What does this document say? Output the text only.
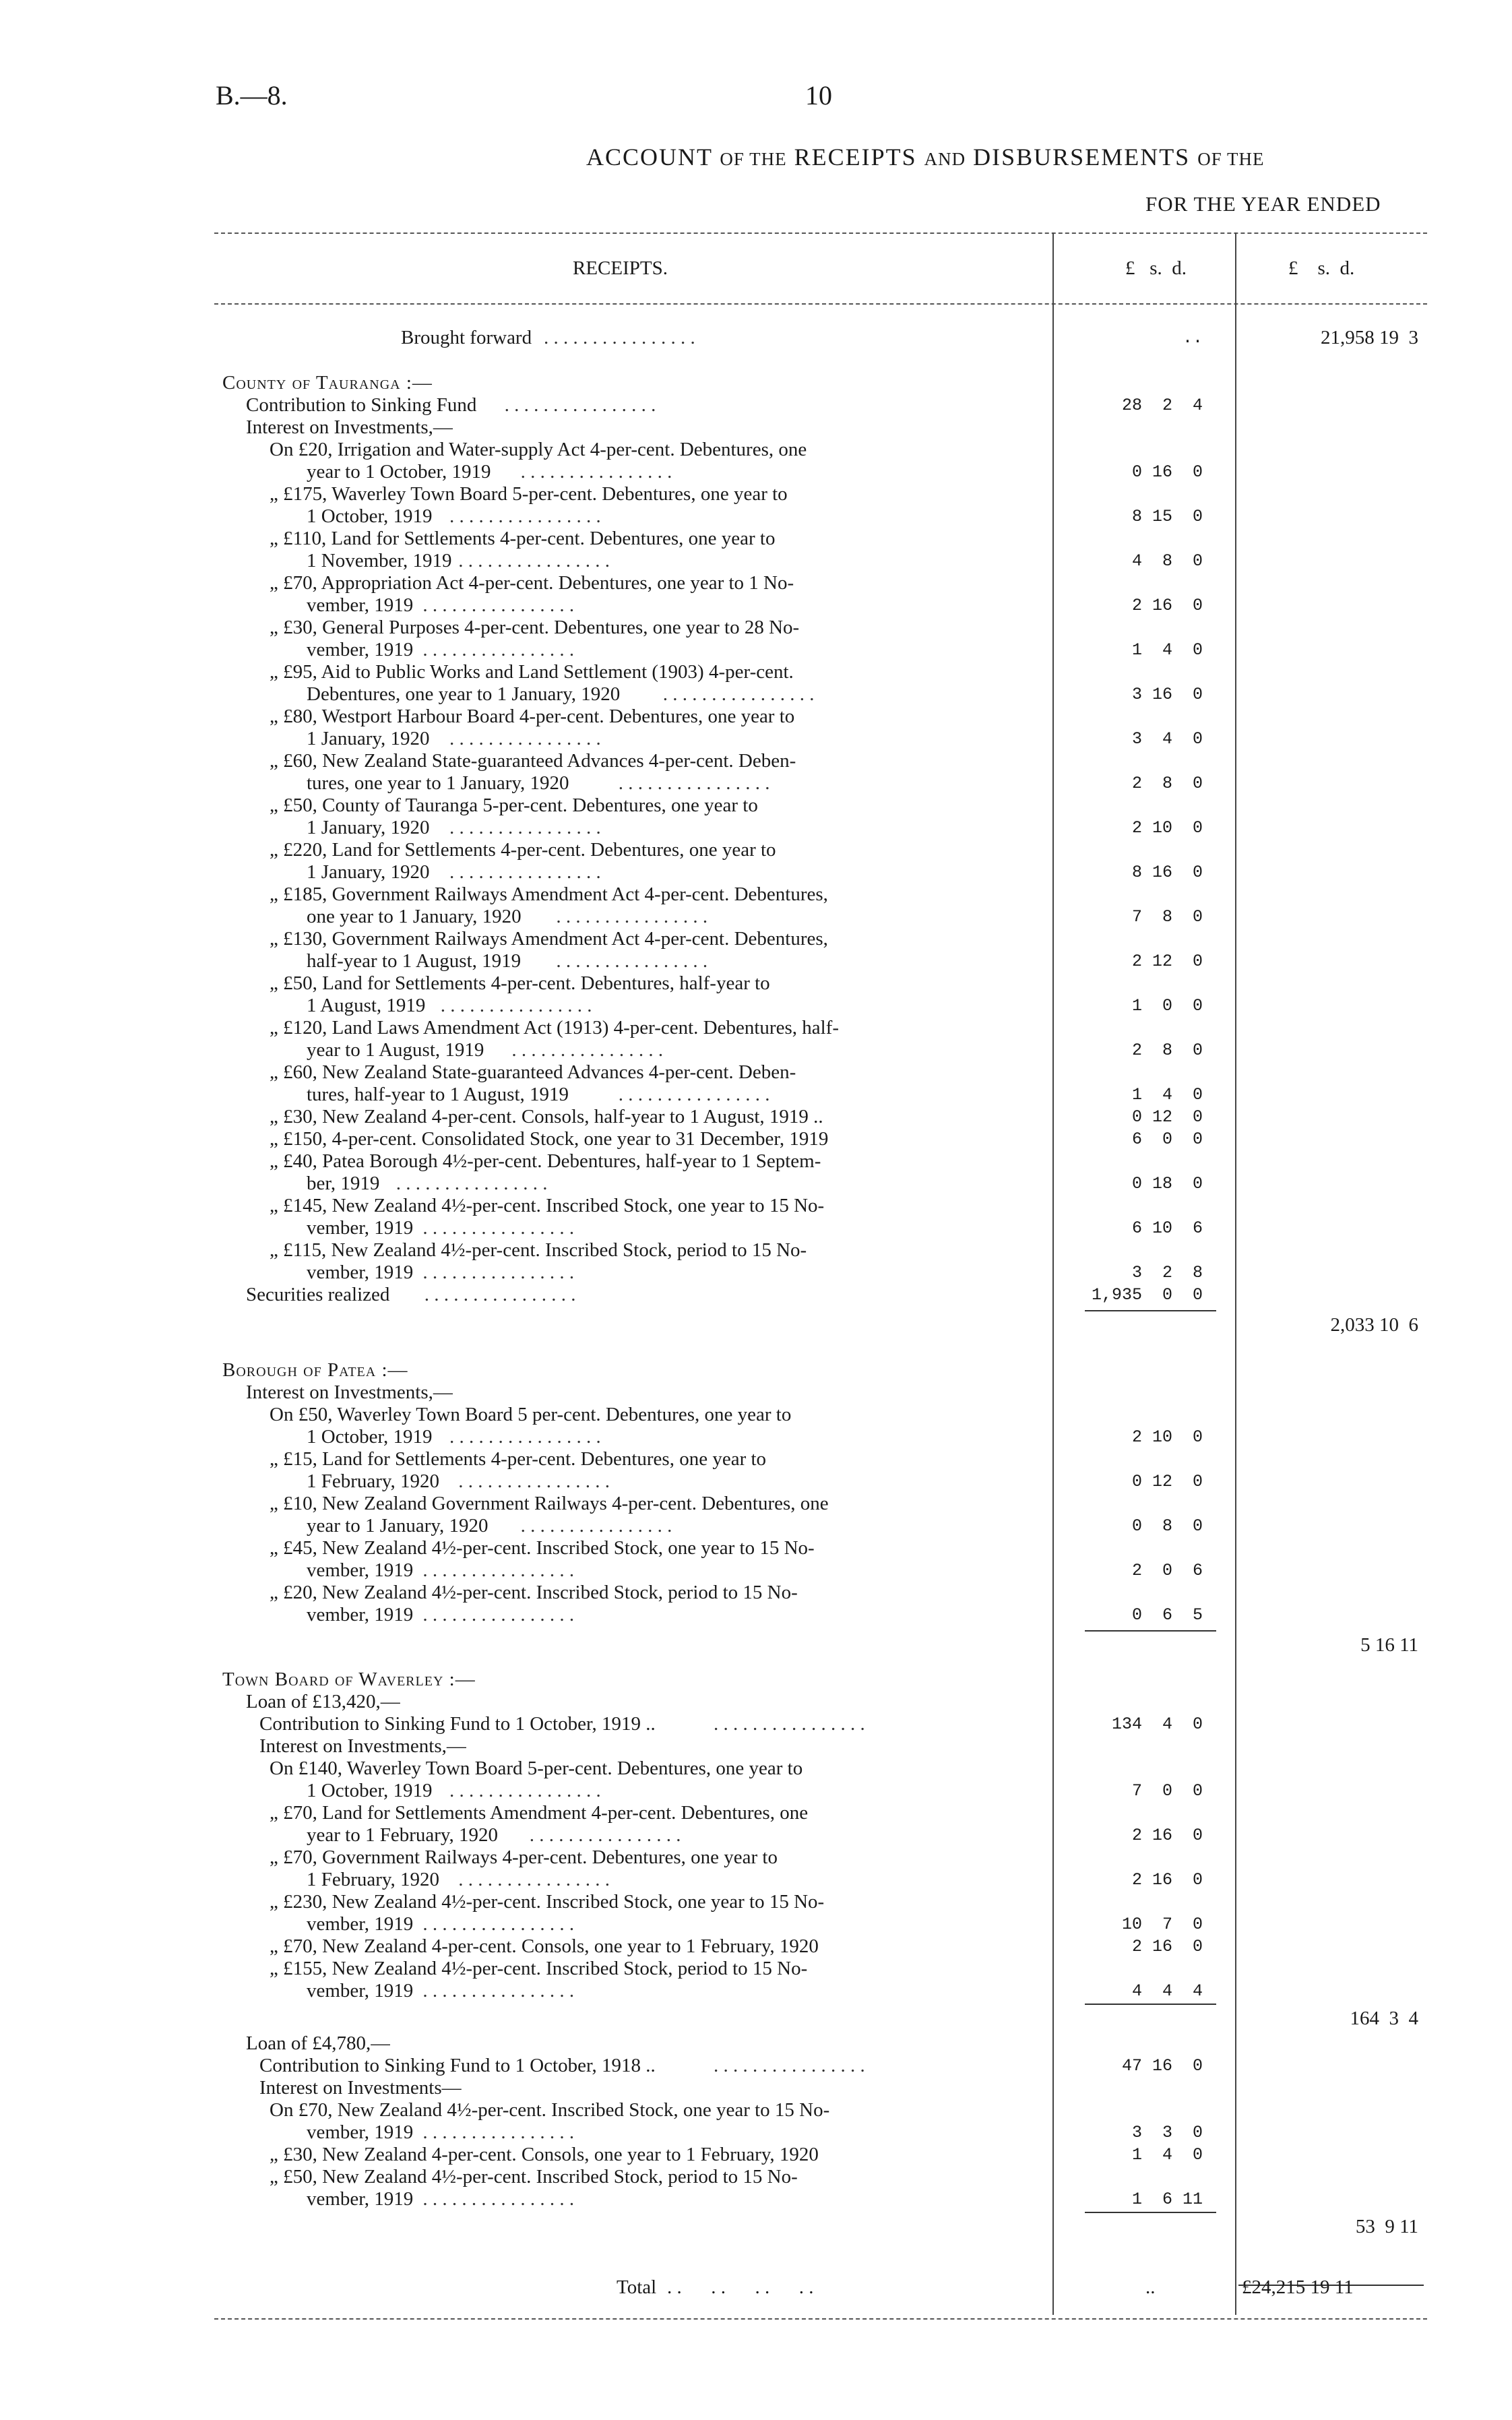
B.—8.	10
ACCOUNT OF THE RECEIPTS AND DISBURSEMENTS OF THE
FOR THE YEAR ENDED
RECEIPTS.	£   s.  d.	£    s.  d.
Brought forward . . . . . . . . . . . . . . . .	..	21,958 19  3
County of Tauranga :—
Contribution to Sinking Fund . . . . . . . . . . . . . . . .	28  2  4
Interest on Investments,—
On £20, Irrigation and Water-supply Act 4-per-cent. Debentures, one
year to 1 October, 1919 . . . . . . . . . . . . . . . .	0 16  0
„ £175, Waverley Town Board 5-per-cent. Debentures, one year to
1 October, 1919 . . . . . . . . . . . . . . . .	8 15  0
„ £110, Land for Settlements 4-per-cent. Debentures, one year to
1 November, 1919 . . . . . . . . . . . . . . . .	4  8  0
„ £70, Appropriation Act 4-per-cent. Debentures, one year to 1 No-
vember, 1919 . . . . . . . . . . . . . . . .	2 16  0
„ £30, General Purposes 4-per-cent. Debentures, one year to 28 No-
vember, 1919 . . . . . . . . . . . . . . . .	1  4  0
„ £95, Aid to Public Works and Land Settlement (1903) 4-per-cent.
Debentures, one year to 1 January, 1920 . . . . . . . . . . . . . . . .	3 16  0
„ £80, Westport Harbour Board 4-per-cent. Debentures, one year to
1 January, 1920 . . . . . . . . . . . . . . . .	3  4  0
„ £60, New Zealand State-guaranteed Advances 4-per-cent. Deben-
tures, one year to 1 January, 1920	. . . . . . . . . . . . . . . .	2  8  0
„ £50, County of Tauranga 5-per-cent. Debentures, one year to
1 January, 1920 . . . . . . . . . . . . . . . .	2 10  0
„ £220, Land for Settlements 4-per-cent. Debentures, one year to
1 January, 1920 . . . . . . . . . . . . . . . .	8 16  0
„ £185, Government Railways Amendment Act 4-per-cent. Debentures,
one year to 1 January, 1920 . . . . . . . . . . . . . . . .	7  8  0
„ £130, Government Railways Amendment Act 4-per-cent. Debentures,
half-year to 1 August, 1919 . . . . . . . . . . . . . . . .	2 12  0
„ £50, Land for Settlements 4-per-cent. Debentures, half-year to
1 August, 1919 . . . . . . . . . . . . . . . .	1  0  0
„ £120, Land Laws Amendment Act (1913) 4-per-cent. Debentures, half-
year to 1 August, 1919 . . . . . . . . . . . . . . . .	2  8  0
„ £60, New Zealand State-guaranteed Advances 4-per-cent. Deben-
tures, half-year to 1 August, 1919	. . . . . . . . . . . . . . . .	1  4  0
„ £30, New Zealand 4-per-cent. Consols, half-year to 1 August, 1919 ..	0 12  0
„ £150, 4-per-cent. Consolidated Stock, one year to 31 December, 1919	6  0  0
„ £40, Patea Borough 4½-per-cent. Debentures, half-year to 1 Septem-
ber, 1919 . . . . . . . . . . . . . . . .	0 18  0
„ £145, New Zealand 4½-per-cent. Inscribed Stock, one year to 15 No-
vember, 1919 . . . . . . . . . . . . . . . .	6 10  6
„ £115, New Zealand 4½-per-cent. Inscribed Stock, period to 15 No-
vember, 1919 . . . . . . . . . . . . . . . .	3  2  8
Securities realized . . . . . . . . . . . . . . . .	1,935  0  0
2,033 10  6
Borough of Patea :—
Interest on Investments,—
On £50, Waverley Town Board 5 per-cent. Debentures, one year to
1 October, 1919 . . . . . . . . . . . . . . . .	2 10  0
„ £15, Land for Settlements 4-per-cent. Debentures, one year to
1 February, 1920 . . . . . . . . . . . . . . . .	0 12  0
„ £10, New Zealand Government Railways 4-per-cent. Debentures, one
year to 1 January, 1920 . . . . . . . . . . . . . . . .	0  8  0
„ £45, New Zealand 4½-per-cent. Inscribed Stock, one year to 15 No-
vember, 1919 . . . . . . . . . . . . . . . .	2  0  6
„ £20, New Zealand 4½-per-cent. Inscribed Stock, period to 15 No-
vember, 1919 . . . . . . . . . . . . . . . .	0  6  5
5 16 11
Town Board of Waverley :—
Loan of £13,420,—
Contribution to Sinking Fund to 1 October, 1919 ..	. . . . . . . . . . . . . . . .	134  4  0
Interest on Investments,—
On £140, Waverley Town Board 5-per-cent. Debentures, one year to
1 October, 1919 . . . . . . . . . . . . . . . .	7  0  0
„ £70, Land for Settlements Amendment 4-per-cent. Debentures, one
year to 1 February, 1920 . . . . . . . . . . . . . . . .	2 16  0
„ £70, Government Railways 4-per-cent. Debentures, one year to
1 February, 1920 . . . . . . . . . . . . . . . .	2 16  0
„ £230, New Zealand 4½-per-cent. Inscribed Stock, one year to 15 No-
vember, 1919 . . . . . . . . . . . . . . . .	10  7  0
„ £70, New Zealand 4-per-cent. Consols, one year to 1 February, 1920	2 16  0
„ £155, New Zealand 4½-per-cent. Inscribed Stock, period to 15 No-
vember, 1919 . . . . . . . . . . . . . . . .	4  4  4
164  3  4
Loan of £4,780,—
Contribution to Sinking Fund to 1 October, 1918 ..	. . . . . . . . . . . . . . . .	47 16  0
Interest on Investments—
On £70, New Zealand 4½-per-cent. Inscribed Stock, one year to 15 No-
vember, 1919 . . . . . . . . . . . . . . . .	3  3  0
„ £30, New Zealand 4-per-cent. Consols, one year to 1 February, 1920	1  4  0
„ £50, New Zealand 4½-per-cent. Inscribed Stock, period to 15 No-
vember, 1919 . . . . . . . . . . . . . . . .	1  6 11
53  9 11
Total . .      . .      . .      . .	..	£24,215 19 11
